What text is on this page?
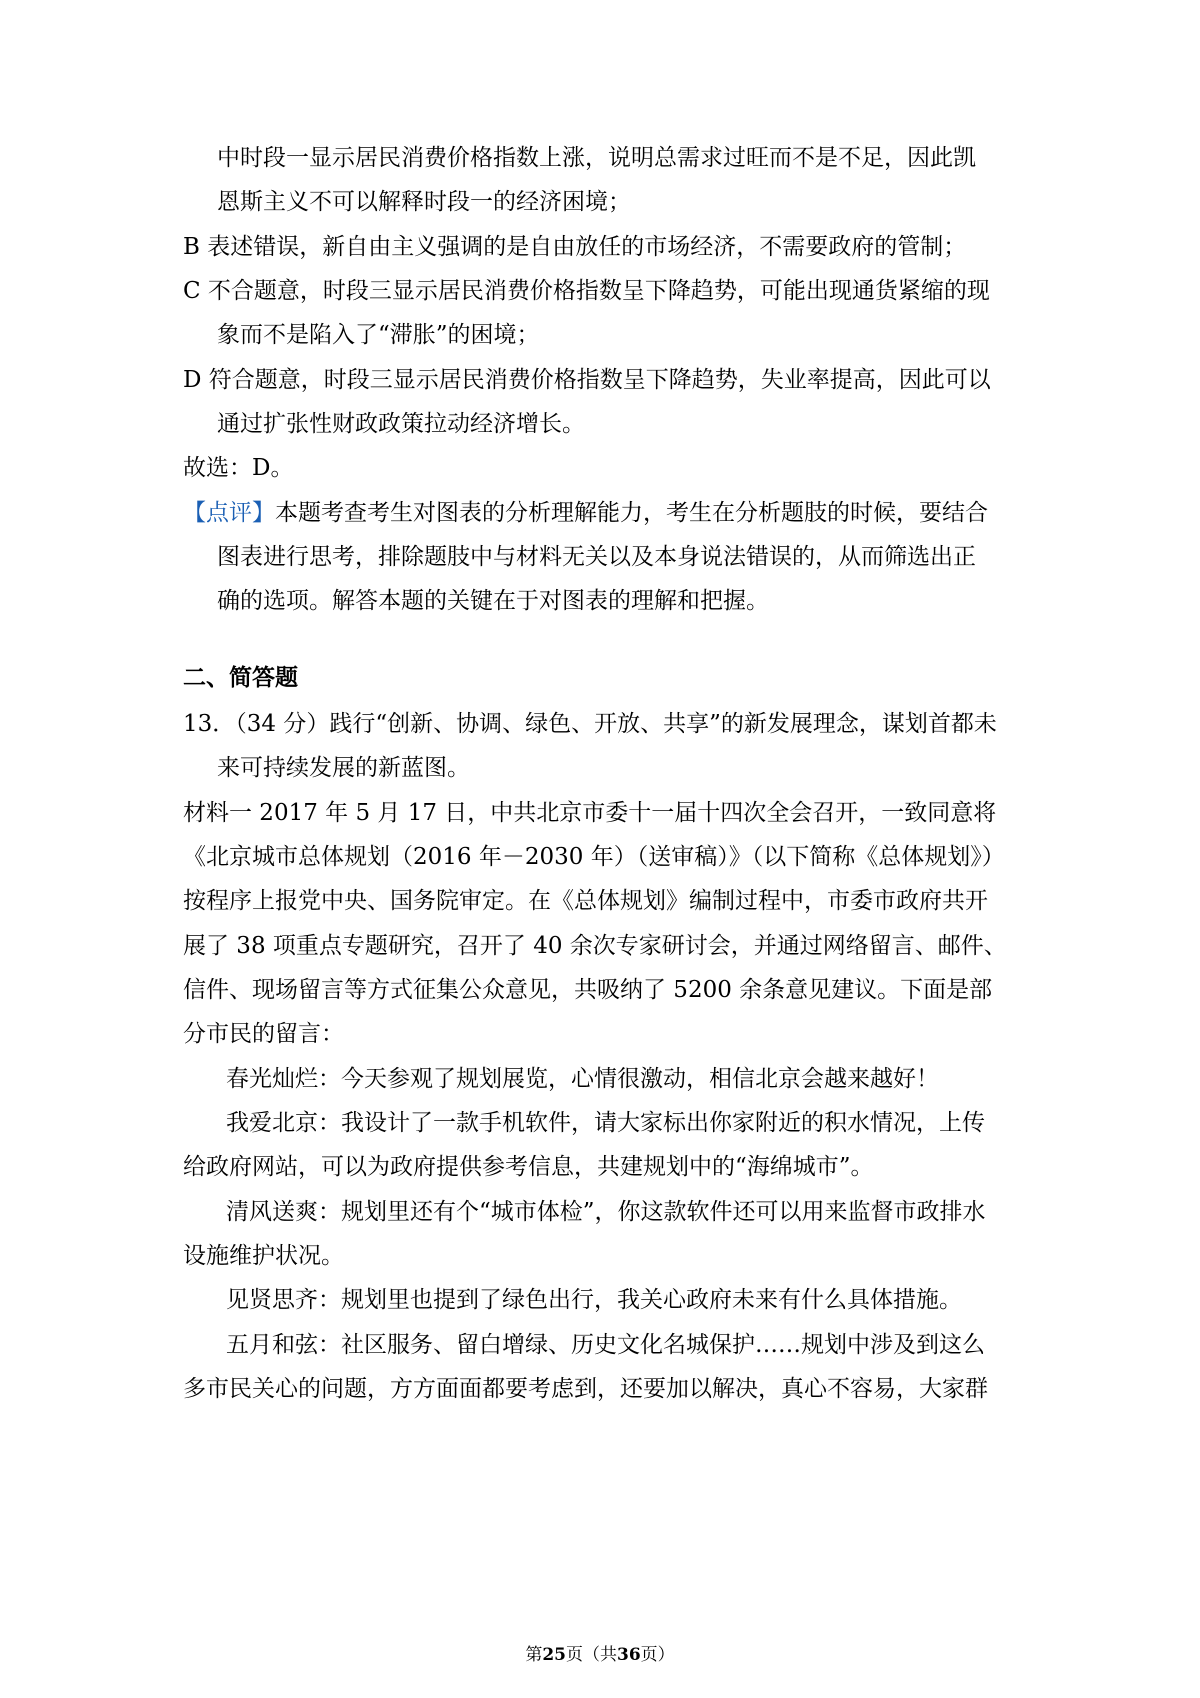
中时段一显示居民消费价格指数上涨，说明总需求过旺而不是不足，因此凯
恩斯主义不可以解释时段一的经济困境；
B 表述错误，新自由主义强调的是自由放任的市场经济，不需要政府的管制；
C 不合题意，时段三显示居民消费价格指数呈下降趋势，可能出现通货紧缩的现
象而不是陷入了“滞胀”的困境；
D 符合题意，时段三显示居民消费价格指数呈下降趋势，失业率提高，因此可以
通过扩张性财政政策拉动经济增长。
故选：D。
【点评】本题考查考生对图表的分析理解能力，考生在分析题肢的时候，要结合
图表进行思考，排除题肢中与材料无关以及本身说法错误的，从而筛选出正
确的选项。解答本题的关键在于对图表的理解和把握。
二、简答题
13．（34 分）践行“创新、协调、绿色、开放、共享”的新发展理念，谋划首都未
来可持续发展的新蓝图。
材料一 2017 年 5 月 17 日，中共北京市委十一届十四次全会召开，一致同意将
《北京城市总体规划（2016 年－2030 年）（送审稿）》（以下简称《总体规划》）
按程序上报党中央、国务院审定。在《总体规划》编制过程中，市委市政府共开
展了 38 项重点专题研究，召开了 40 余次专家研讨会，并通过网络留言、邮件、
信件、现场留言等方式征集公众意见，共吸纳了 5200 余条意见建议。下面是部
分市民的留言：
春光灿烂：今天参观了规划展览，心情很激动，相信北京会越来越好！
我爱北京：我设计了一款手机软件，请大家标出你家附近的积水情况，上传
给政府网站，可以为政府提供参考信息，共建规划中的“海绵城市”。
清风送爽：规划里还有个“城市体检”，你这款软件还可以用来监督市政排水
设施维护状况。
见贤思齐：规划里也提到了绿色出行，我关心政府未来有什么具体措施。
五月和弦：社区服务、留白增绿、历史文化名城保护……规划中涉及到这么
多市民关心的问题，方方面面都要考虑到，还要加以解决，真心不容易，大家群
第25页（共36页）
